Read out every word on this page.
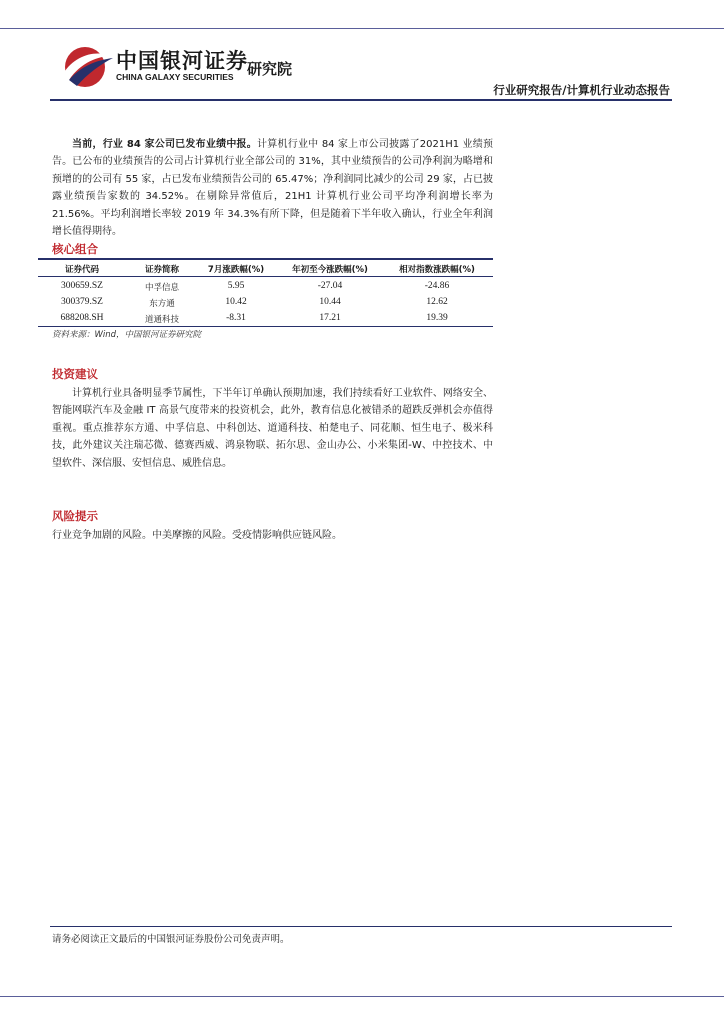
中国银河证券
CHINA GALAXY SECURITIES 研究院
行业研究报告/计算机行业动态报告
当前，行业 84 家公司已发布业绩中报。计算机行业中 84 家上市公司披露了2021H1 业绩预告。已公布的业绩预告的公司占计算机行业全部公司的 31%，其中业绩预告的公司净利润为略增和预增的的公司有 55 家，占已发布业绩预告公司的 65.47%；净利润同比减少的公司 29 家，占已披露业绩预告家数的 34.52%。在剔除异常值后，21H1 计算机行业公司平均净利润增长率为 21.56%。平均利润增长率较 2019 年 34.3%有所下降，但是随着下半年收入确认，行业全年利润增长值得期待。
核心组合
证券代码	证券简称	7月涨跌幅(%)	年初至今涨跌幅(%)	相对指数涨跌幅(%)
300659.SZ	中孚信息	5.95	-27.04	-24.86
300379.SZ	东方通	10.42	10.44	12.62
688208.SH	道通科技	-8.31	17.21	19.39
资料来源：Wind，中国银河证券研究院
投资建议
计算机行业具备明显季节属性，下半年订单确认预期加速，我们持续看好工业软件、网络安全、智能网联汽车及金融 IT 高景气度带来的投资机会，此外，教育信息化被错杀的超跌反弹机会亦值得重视。重点推荐东方通、中孚信息、中科创达、道通科技、柏楚电子、同花顺、恒生电子、极米科技，此外建议关注瑞芯微、德赛西威、鸿泉物联、拓尔思、金山办公、小米集团-W、中控技术、中望软件、深信服、安恒信息、威胜信息。
风险提示
行业竞争加剧的风险。中美摩擦的风险。受疫情影响供应链风险。
请务必阅读正文最后的中国银河证券股份公司免责声明。
